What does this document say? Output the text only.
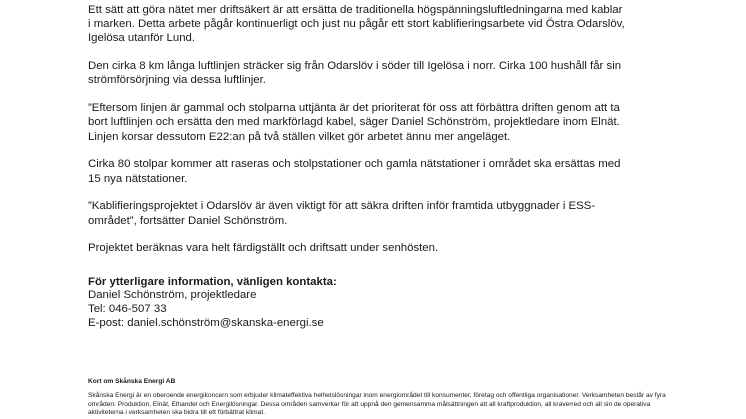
Ett sätt att göra nätet mer driftsäkert är att ersätta de traditionella högspänningsluftledningarna med kablar i marken. Detta arbete pågår kontinuerligt och just nu pågår ett stort kablifieringsarbete vid Östra Odarslöv, Igelösa utanför Lund.

Den cirka 8 km långa luftlinjen sträcker sig från Odarslöv i söder till Igelösa i norr. Cirka 100 hushåll får sin strömförsörjning via dessa luftlinjer.

”Eftersom linjen är gammal och stolparna uttjänta är det prioriterat för oss att förbättra driften genom att ta bort luftlinjen och ersätta den med markförlagd kabel, säger Daniel Schönström, projektledare inom Elnät. Linjen korsar dessutom E22:an på två ställen vilket gör arbetet ännu mer angeläget.

Cirka 80 stolpar kommer att raseras och stolpstationer och gamla nätstationer i området ska ersättas med 15 nya nätstationer.

”Kablifieringsprojektet i Odarslöv är även viktigt för att säkra driften inför framtida utbyggnader i ESS-området”, fortsätter Daniel Schönström.

Projektet beräknas vara helt färdigställt och driftsatt under senhösten.

För ytterligare information, vänligen kontakta:
Daniel Schönström, projektledare
Tel: 046-507 33
E-post: daniel.schönström@skanska-energi.se
Kort om Skånska Energi AB

Skånska Energi är en oberoende energikoncern som erbjuder klimateffektiva helhetslösningar inom energiområdet till konsumenter, företag och offentliga organisationer. Verksamheten består av fyra områden: Produktion, Elnät, Elhandel och Energilösningar. Dessa områden samverkar för att uppnå den gemensamma målsättningen att all kraftproduktion, all kraverred och all sin de operativa aktiviteterna i verksamheten ska bidra till ett förbättrat klimat.
